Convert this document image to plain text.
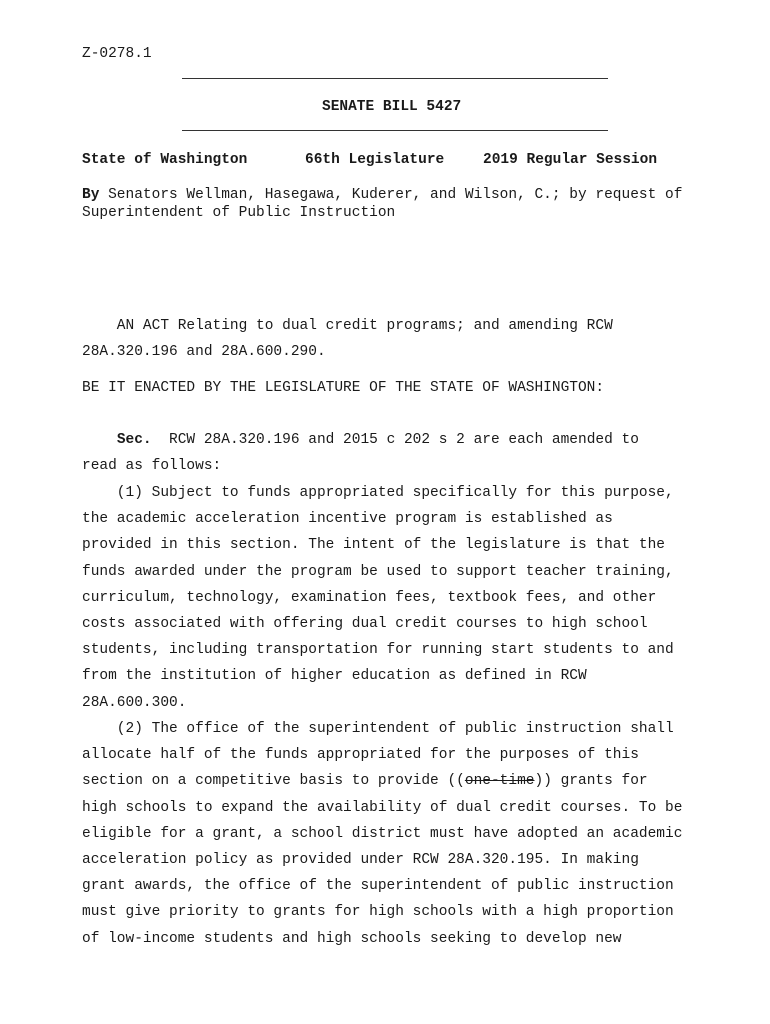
Z-0278.1
SENATE BILL 5427
State of Washington	66th Legislature	2019 Regular Session
By Senators Wellman, Hasegawa, Kuderer, and Wilson, C.; by request of
Superintendent of Public Instruction
AN ACT Relating to dual credit programs; and amending RCW
28A.320.196 and 28A.600.290.
BE IT ENACTED BY THE LEGISLATURE OF THE STATE OF WASHINGTON:
Sec.  RCW 28A.320.196 and 2015 c 202 s 2 are each amended to
read as follows:
(1) Subject to funds appropriated specifically for this purpose,
the academic acceleration incentive program is established as
provided in this section. The intent of the legislature is that the
funds awarded under the program be used to support teacher training,
curriculum, technology, examination fees, textbook fees, and other
costs associated with offering dual credit courses to high school
students, including transportation for running start students to and
from the institution of higher education as defined in RCW
28A.600.300.
(2) The office of the superintendent of public instruction shall
allocate half of the funds appropriated for the purposes of this
section on a competitive basis to provide ((one-time)) grants for
high schools to expand the availability of dual credit courses. To be
eligible for a grant, a school district must have adopted an academic
acceleration policy as provided under RCW 28A.320.195. In making
grant awards, the office of the superintendent of public instruction
must give priority to grants for high schools with a high proportion
of low-income students and high schools seeking to develop new
